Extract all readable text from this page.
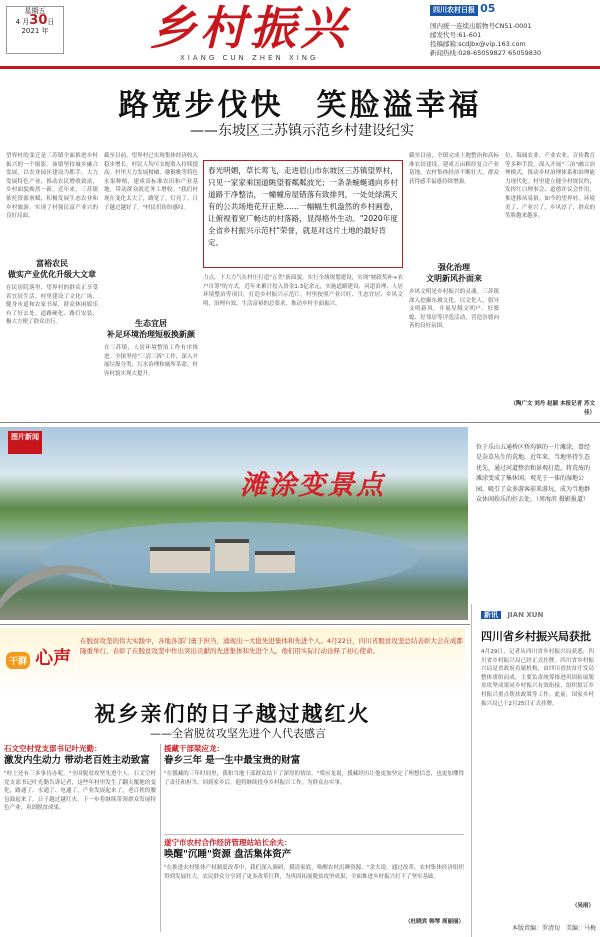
星期五
4 月30日
2021 年	乡村振兴
XIANG CUN ZHEN XING
四川农村日报 05
国内统一连续出版物号CN51-0001
邮发代号:61-601
投稿邮箱:scdjbx@vip.163.com
新闻热线:028-65059827 65059830
路宽步伐快　笑脸溢幸福
——东坡区三苏镇示范乡村建设纪实
望界村的变迁是三苏镇全面推进乡村振兴的一个缩影。该镇坚持城乡融合发展，以农业园区建设为抓手，大力发展特色产业，推动农民增收致富，乡村面貌焕然一新。近年来，三苏镇依托资源禀赋，积极发展生态农业和乡村旅游，实现了村强民富产业兴的良好局面。
富裕农民
做实产业优化升级大文章
在民居院落里，望界村的群众正享受着宜居生活。村里建设了文化广场、健身步道和农家书屋，群众休闲娱乐有了好去处。道路硬化、路灯安装，极大方便了群众出行。
截至目前，望界村已实现集体经济收入稳步增长，村民人均可支配收入持续提高。村里大力发展柑橘、猕猴桃等特色水果种植，建成高标准农田和产业基地，带动群众就近务工增收。"我们村现在变化太大了，路宽了，灯亮了，日子越过越好了。"村民们纷纷感叹。
生态宜居
补足环境治理短板换新颜
在三苏镇，人居环境整治工作有序推进。全镇坚持"三清三拆"工作，深入开展垃圾分类、污水治理和厕所革命，村容村貌实现大提升。
春光明媚，草长莺飞，走进眉山市东坡区三苏镇望界村，只见一家家乘国道眺望着粼粼波光；一条条蜿蜒通向乡村道路干净整洁，一幢幢房屋错落有致排列，一处处绿满天有的公共场地花开正艳……一幅幅生机盎然的乡村画卷，让俯视着宽广畅达的村落路，显得格外生动。"2020年度全省乡村振兴示范村"荣誉，就是对这片土地的最好肯定。
力点，下大力气在村庄打造"五美"新面貌，实行全域规划建设，实现"财政奖补+农户自筹"的方式，近年来累计投入资金1.3亿余元，实施道路建设、河道治理、人居环境整治等项目，打造乡村振兴示范片。村里按照产业兴旺、生态宜居、乡风文明、治理有效、生活富裕的总要求，推动乡村全面振兴。
截至目前，全镇完成土地整治和高标准农田建设，建成万亩粮经复合产业基地，农村集体经济不断壮大，群众获得感幸福感持续增强。
强化治理
文明新风扑面来
乡风文明是乡村振兴的灵魂。三苏镇深入挖掘东坡文化，以文化人，倡导文明新风，开展星级文明户、好婆媳、好邻居等评选活动，营造崇德向善的良好氛围。
位、海阔农业、产业农业、宣传教育等多种手段，深入开展"三治"融合治理模式，推动乡村治理体系和治理能力现代化。村里建立健全村规民约，发挥红白理事会、道德评议会作用，推进移风易俗。如今的望界村，环境美了、产业兴了、乡风淳了，群众的笑脸越来越多。
（陶广文 刘丹 赵颖 本报记者 苏文佳）
图片新闻
滩涂变景点
位于乐山五通桥区桥沟镇的一片滩涂，曾经是杂草丛生的荒地。近年来，当地坚持生态优先，通过河道整治和景观打造，将荒废的滩涂变成了集休闲、观光于一体的湿地公园，吸引了众多游客前来游玩，成为当地群众休闲娱乐的好去处。（周海滨 摄影报道）
干群 心声
在脱贫攻坚的伟大实践中，各地各部门勇于担当，涌现出一大批先进集体和先进个人。4月22日，四川省脱贫攻坚总结表彰大会在成都隆重举行，表彰了在脱贫攻坚中作出突出贡献的先进集体和先进个人。他们用实际行动诠释了初心使命。
祝乡亲们的日子越过越红火
——全省脱贫攻坚先进个人代表感言
石文空村党支部书记叶光勤：
激发内生动力 带动老百姓主动致富
"村上还有三多事待办呢。"全国脱贫攻坚先进个人、石文空村党支部书记叶光勤告诉记者，这些年村里发生了翻天覆地的变化，路通了、水通了、电通了，产业发展起来了，老百姓的腰包鼓起来了，日子越过越红火。下一步将继续带领群众发展特色产业，巩固脱贫成果。
援藏干部梁应龙：
眷乡三年 是一生中最宝贵的财富
"在援藏的三年时间里，我和当地干部群众结下了深厚的情谊。"梁应龙说，援藏经历让他更加坚定了理想信念，也更加懂得了责任和担当。回到家乡后，他将继续投身乡村振兴工作，为群众办实事。
遂宁市农村合作经济管理站站长余夫：
唤醒"沉睡"资源 盘活集体资产
"在推进农村集体产权制度改革中，我们深入调研，摸清家底，唤醒农村沉睡资源。"余夫说，通过改革，农村集体经济组织得到发展壮大，农民群众分享到了更多改革红利，为巩固拓展脱贫攻坚成果、全面推进乡村振兴打下了坚实基础。
（杜晓宾 韩琴 周丽丽）
新讯 JIAN XUN
四川省乡村振兴局获批
4月29日，记者从四川省乡村振兴局获悉，四川省乡村振兴局已经正式挂牌。四川省乡村振兴局是省政府直属机构，由四川省扶贫开发局整体重组而成，主要负责统筹推进巩固拓展脱贫攻坚成果同乡村振兴有效衔接、组织拟订乡村振兴重点帮扶政策等工作。此前，国家乡村振兴局已于2月25日正式挂牌。
（吴雨）
本版责编：罗清旬　美编：马梅
